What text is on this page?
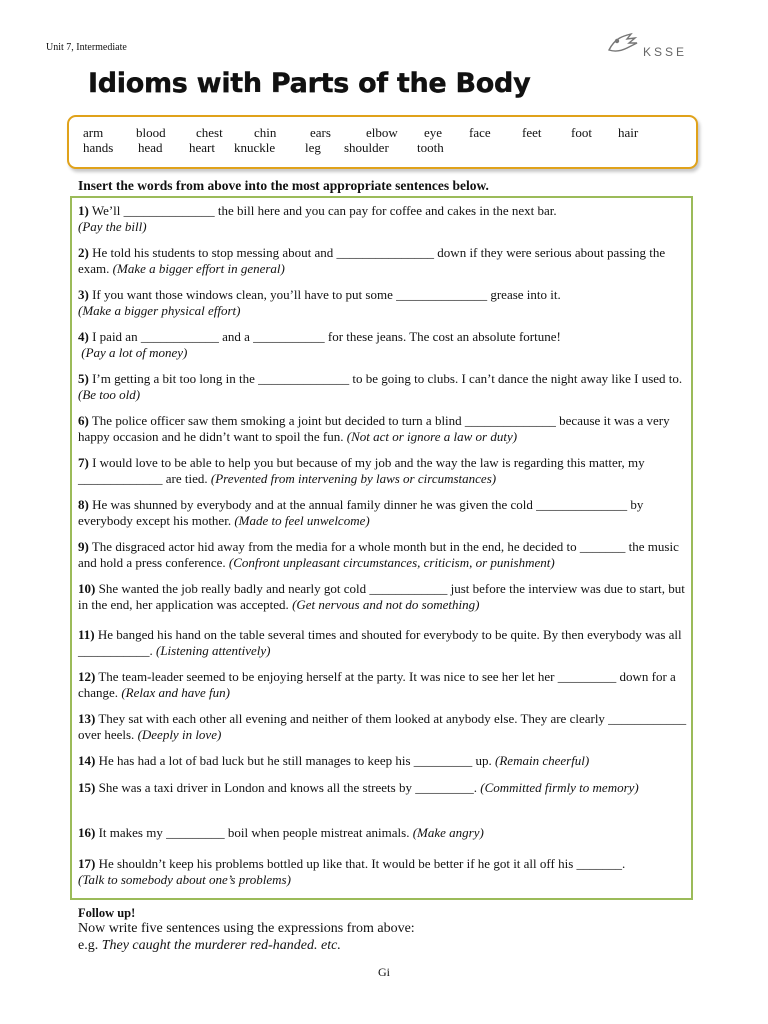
Unit 7, Intermediate	KSSE
Idioms with Parts of the Body
arm	blood chest chin	ears	elbow eye face feet foot hair
hands head heart knuckle leg shoulder tooth
Insert the words from above into the most appropriate sentences below.
1) We’ll ______________ the bill here and you can pay for coffee and cakes in the next bar.
(Pay the bill)
2) He told his students to stop messing about and _______________ down if they were serious about passing the exam. (Make a bigger effort in general)
3) If you want those windows clean, you’ll have to put some ______________ grease into it.
(Make a bigger physical effort)
4) I paid an ____________ and a ___________ for these jeans. The cost an absolute fortune!
(Pay a lot of money)
5) I’m getting a bit too long in the ______________ to be going to clubs. I can’t dance the night away like I used to. (Be too old)
6) The police officer saw them smoking a joint but decided to turn a blind ______________ because it was a very happy occasion and he didn’t want to spoil the fun. (Not act or ignore a law or duty)
7) I would love to be able to help you but because of my job and the way the law is regarding this matter, my _____________ are tied. (Prevented from intervening by laws or circumstances)
8) He was shunned by everybody and at the annual family dinner he was given the cold ______________ by everybody except his mother. (Made to feel unwelcome)
9) The disgraced actor hid away from the media for a whole month but in the end, he decided to _______ the music and hold a press conference. (Confront unpleasant circumstances, criticism, or punishment)
10) She wanted the job really badly and nearly got cold ____________ just before the interview was due to start, but in the end, her application was accepted. (Get nervous and not do something)
11) He banged his hand on the table several times and shouted for everybody to be quite. By then everybody was all ___________. (Listening attentively)
12) The team-leader seemed to be enjoying herself at the party. It was nice to see her let her _________ down for a change. (Relax and have fun)
13) They sat with each other all evening and neither of them looked at anybody else. They are clearly ____________ over heels. (Deeply in love)
14) He has had a lot of bad luck but he still manages to keep his _________ up. (Remain cheerful)
15) She was a taxi driver in London and knows all the streets by _________. (Committed firmly to memory)
16) It makes my _________ boil when people mistreat animals. (Make angry)
17) He shouldn’t keep his problems bottled up like that. It would be better if he got it all off his _______.
(Talk to somebody about one’s problems)
Follow up!
Now write five sentences using the expressions from above:
e.g. They caught the murderer red-handed. etc.
Gi
